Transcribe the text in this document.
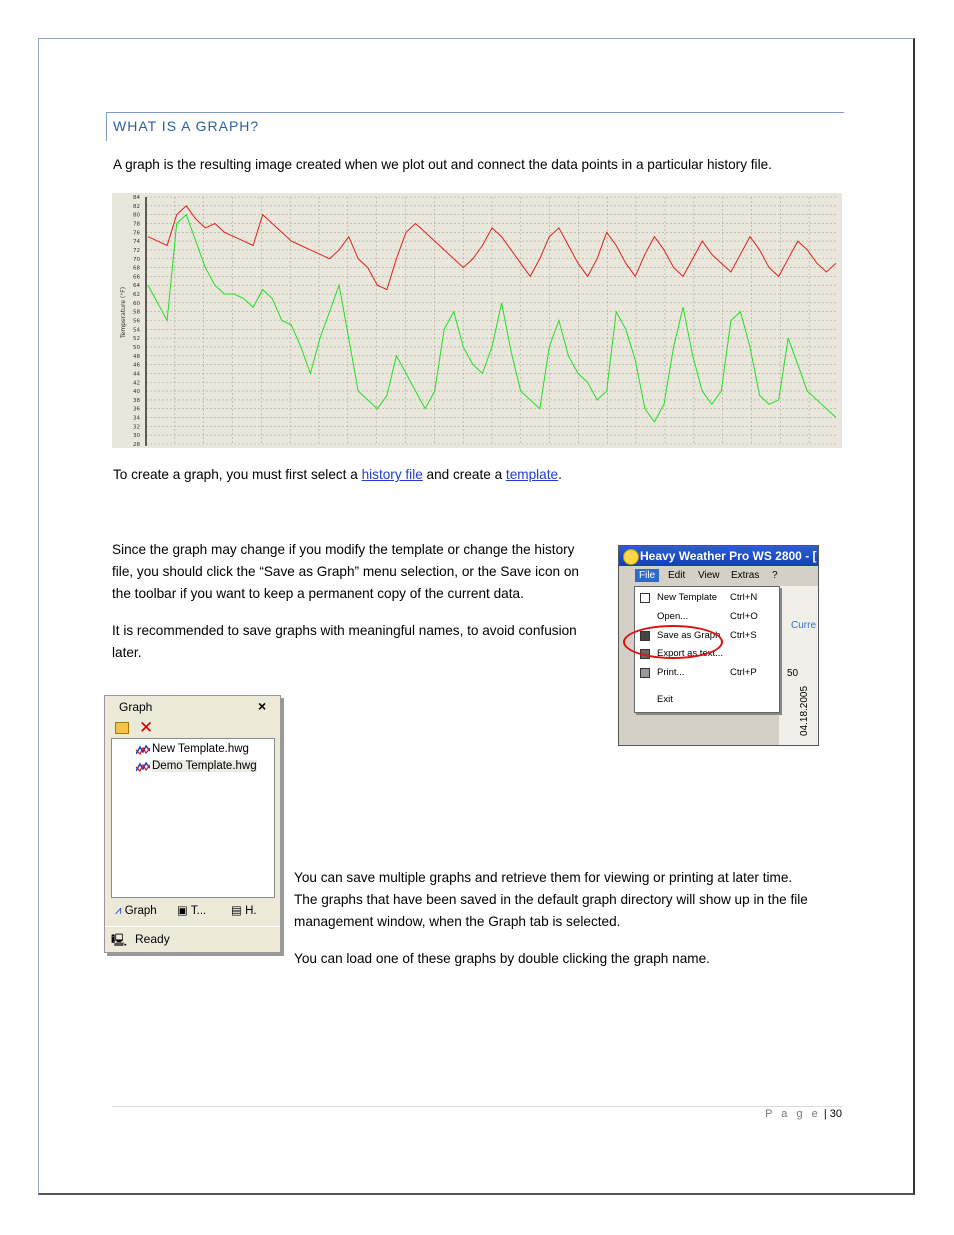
WHAT IS A GRAPH?
A graph is the resulting image created when we plot out and connect the data points in a particular history file.
84
82
80
78
76
74
72
70
68
66
64
62
60
58
56
54
52
50
48
46
44
42
40
38
36
34
32
30
28
Temperature (°F)
To create a graph, you must first select a history file and create a template.
Since the graph may change if you modify the template or change the history
file, you should click the “Save as Graph” menu selection, or the Save icon on
the toolbar if you want to keep a permanent copy of the current data.
It is recommended to save graphs with meaningful names, to avoid confusion
later.
Heavy Weather Pro WS 2800 - [
File	Edit View Extras ?
Curre
50
04.18.2005
New Template Ctrl+N
Open...	Ctrl+O
Save as Graph Ctrl+S
Export as text...
Print...	Ctrl+P
Exit
Graph	×
✕
New Template.hwg
Demo Template.hwg
⩘ Graph ▣ T... ▤ H.
🖳 Ready
You can save multiple graphs and retrieve them for viewing or printing at later time.
The graphs that have been saved in the default graph directory will show up in the file
management window, when the Graph tab is selected.
You can load one of these graphs by double clicking the graph name.
P a g e | 30
